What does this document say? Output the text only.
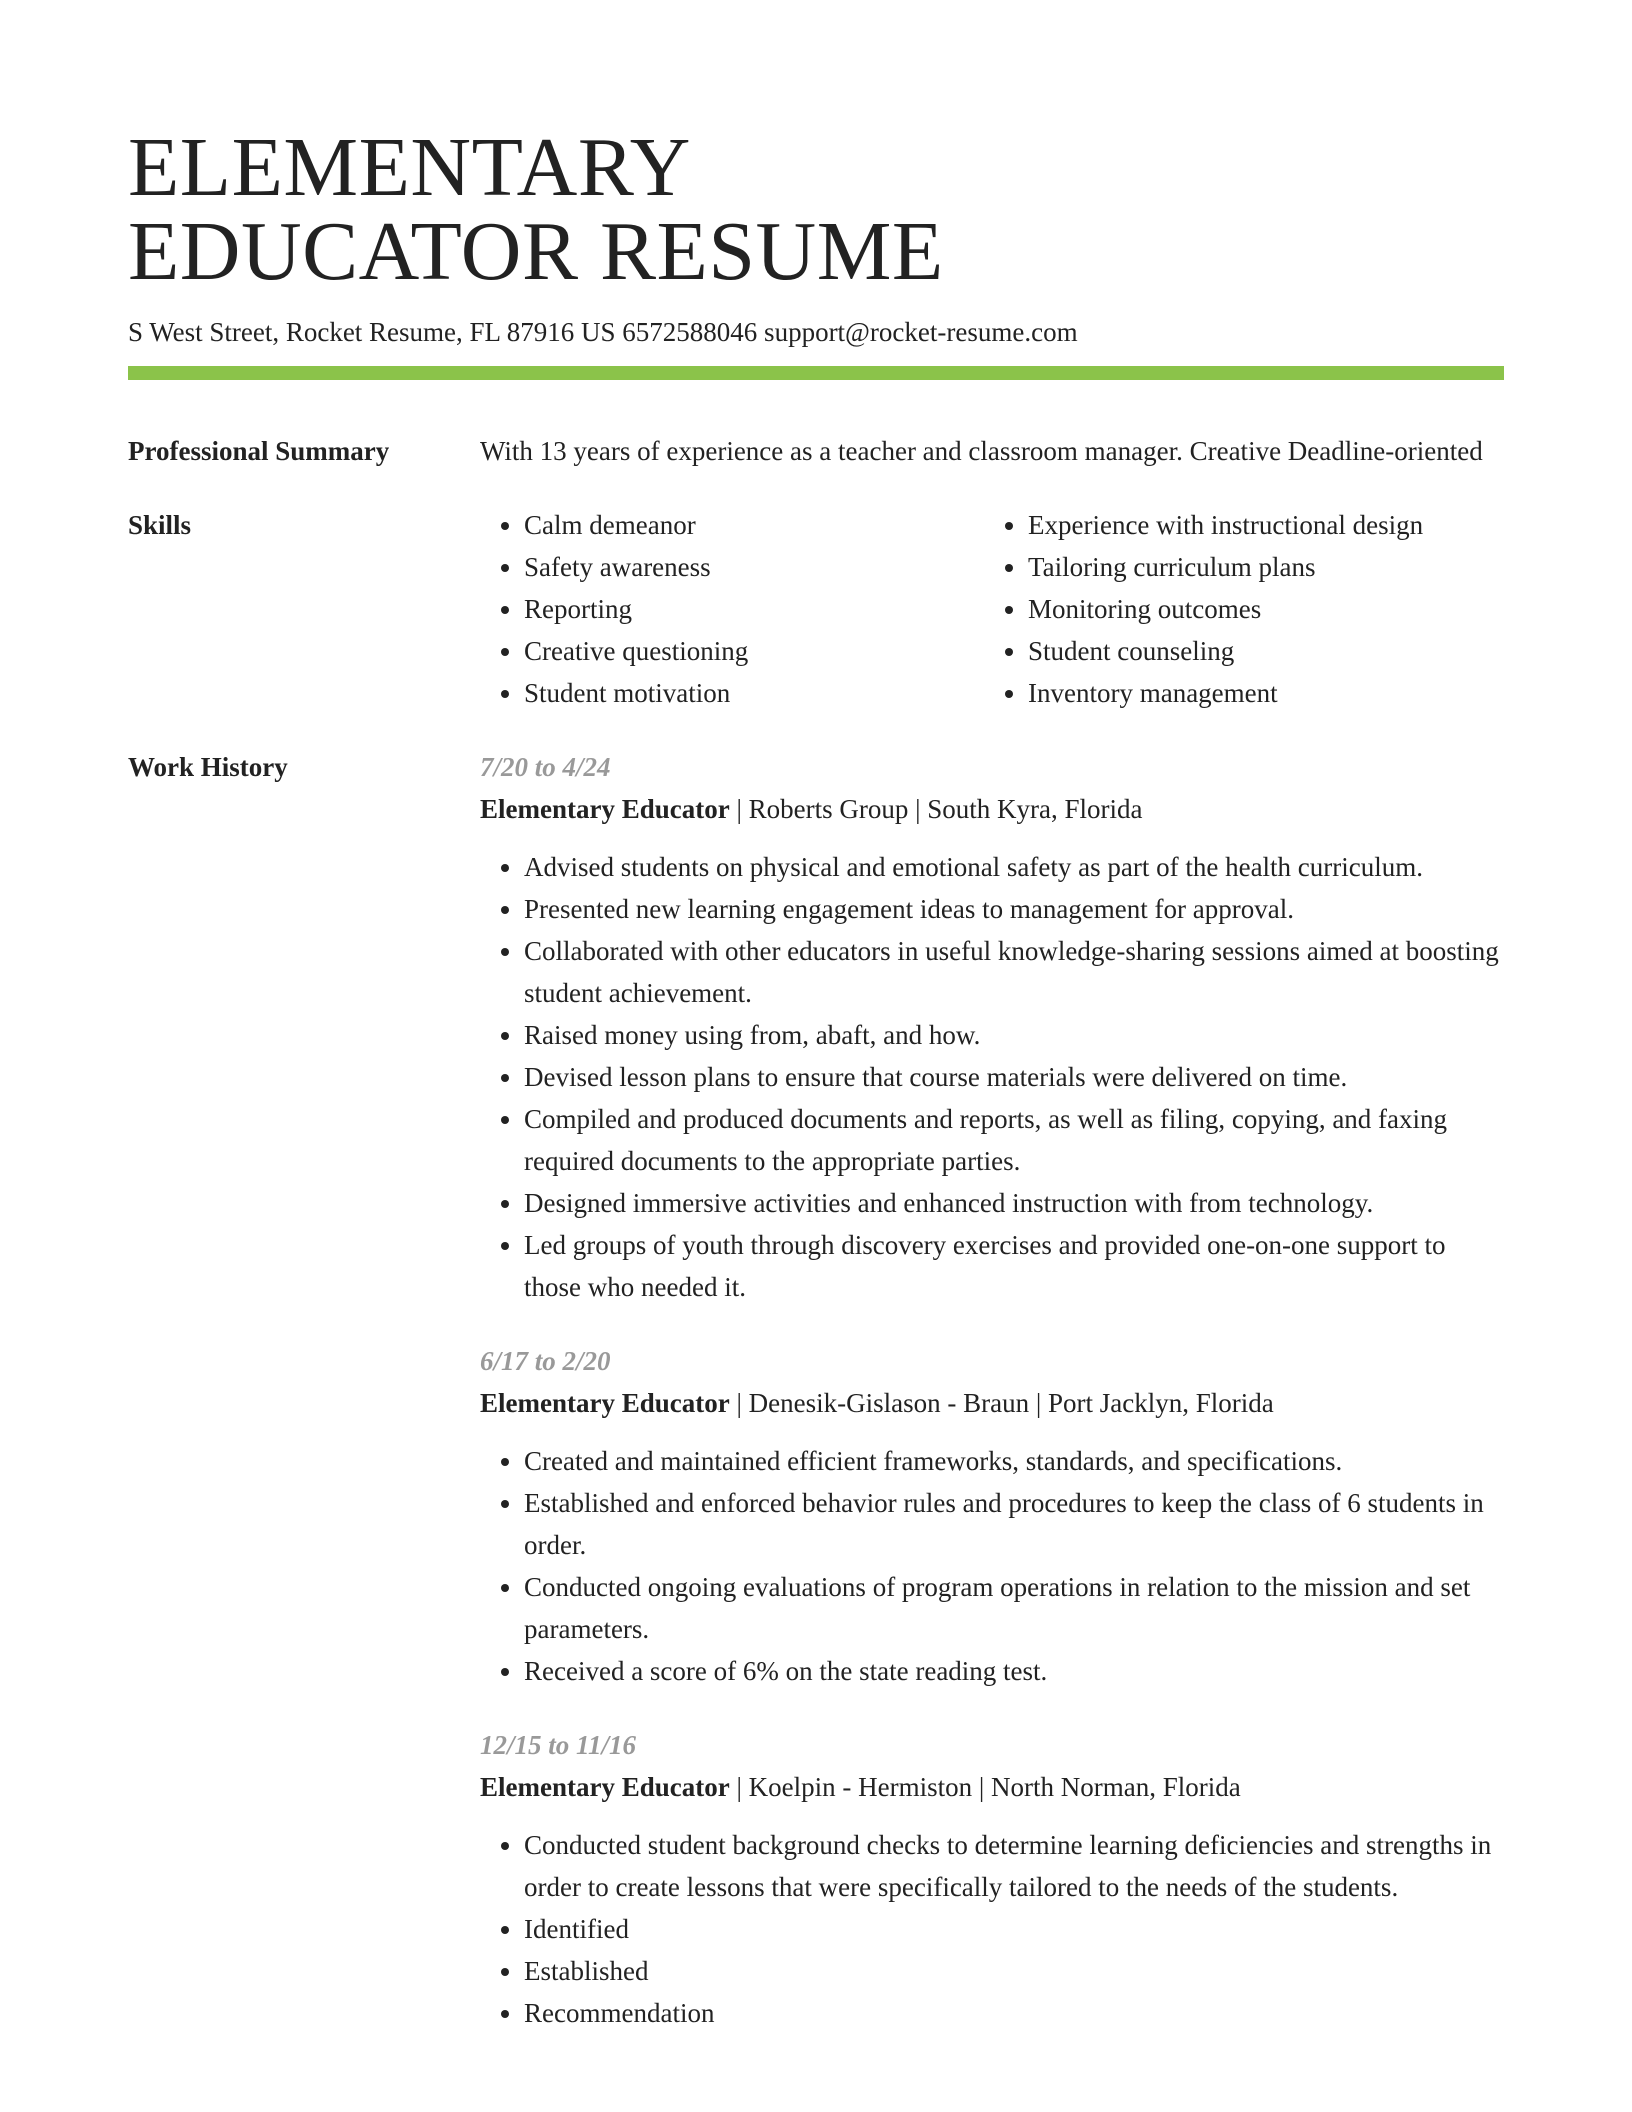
ELEMENTARY
EDUCATOR RESUME
S West Street, Rocket Resume, FL 87916 US 6572588046 support@rocket-resume.com
Professional Summary	With 13 years of experience as a teacher and classroom manager. Creative Deadline-oriented
Skills
•	Calm demeanor
• Safety awareness
• Reporting
• Creative questioning
• Student motivation
• Experience with instructional design
• Tailoring curriculum plans
• Monitoring outcomes
• Student counseling
• Inventory management
Work History	7/20 to 4/24
Elementary Educator | Roberts Group | South Kyra, Florida
• Advised students on physical and emotional safety as part of the health curriculum.
• Presented new learning engagement ideas to management for approval.
• Collaborated with other educators in useful knowledge-sharing sessions aimed at boosting student achievement.
• Raised money using from, abaft, and how.
• Devised lesson plans to ensure that course materials were delivered on time.
• Compiled and produced documents and reports, as well as filing, copying, and faxing required documents to the appropriate parties.
• Designed immersive activities and enhanced instruction with from technology.
• Led groups of youth through discovery exercises and provided one-on-one support to those who needed it.
6/17 to 2/20
Elementary Educator | Denesik-Gislason - Braun | Port Jacklyn, Florida
• Created and maintained efficient frameworks, standards, and specifications.
• Established and enforced behavior rules and procedures to keep the class of 6 students in order.
• Conducted ongoing evaluations of program operations in relation to the mission and set parameters.
• Received a score of 6% on the state reading test.
12/15 to 11/16
Elementary Educator | Koelpin - Hermiston | North Norman, Florida
• Conducted student background checks to determine learning deficiencies and strengths in order to create lessons that were specifically tailored to the needs of the students.
• Identified
• Established
• Recommendation
